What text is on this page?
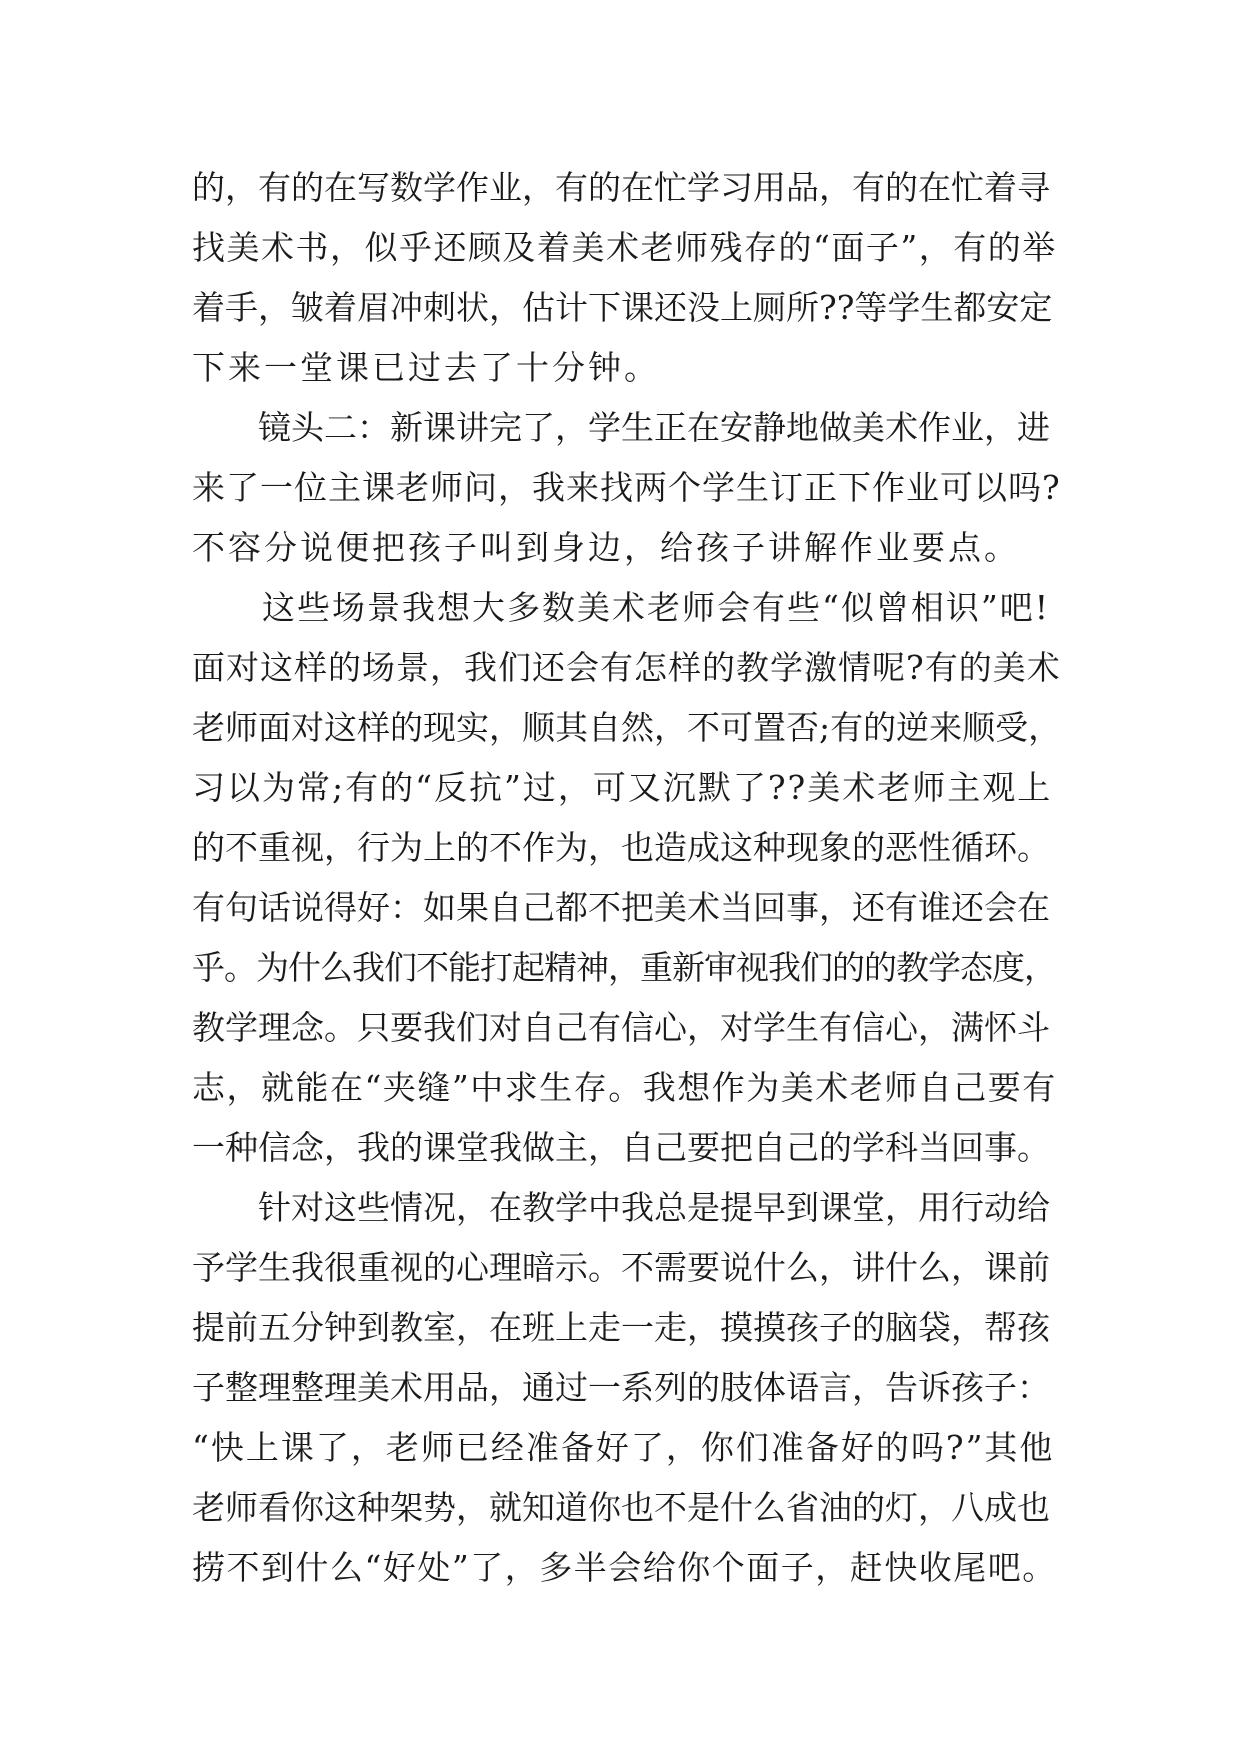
的，有的在写数学作业，有的在忙学习用品，有的在忙着寻
找美术书，似乎还顾及着美术老师残存的“面子”，有的举
着手，皱着眉冲刺状，估计下课还没上厕所??等学生都安定
下来一堂课已过去了十分钟。
　　镜头二：新课讲完了，学生正在安静地做美术作业，进
来了一位主课老师问，我来找两个学生订正下作业可以吗?
不容分说便把孩子叫到身边，给孩子讲解作业要点。
　　这些场景我想大多数美术老师会有些“似曾相识”吧!
面对这样的场景，我们还会有怎样的教学激情呢?有的美术
老师面对这样的现实，顺其自然，不可置否;有的逆来顺受，
习以为常;有的“反抗”过，可又沉默了??美术老师主观上
的不重视，行为上的不作为，也造成这种现象的恶性循环。
有句话说得好：如果自己都不把美术当回事，还有谁还会在
乎。为什么我们不能打起精神，重新审视我们的的教学态度，
教学理念。只要我们对自己有信心，对学生有信心，满怀斗
志，就能在“夹缝”中求生存。我想作为美术老师自己要有
一种信念，我的课堂我做主，自己要把自己的学科当回事。
　　针对这些情况，在教学中我总是提早到课堂，用行动给
予学生我很重视的心理暗示。不需要说什么，讲什么，课前
提前五分钟到教室，在班上走一走，摸摸孩子的脑袋，帮孩
子整理整理美术用品，通过一系列的肢体语言，告诉孩子：
“快上课了，老师已经准备好了，你们准备好的吗?”其他
老师看你这种架势，就知道你也不是什么省油的灯，八成也
捞不到什么“好处”了，多半会给你个面子，赶快收尾吧。
